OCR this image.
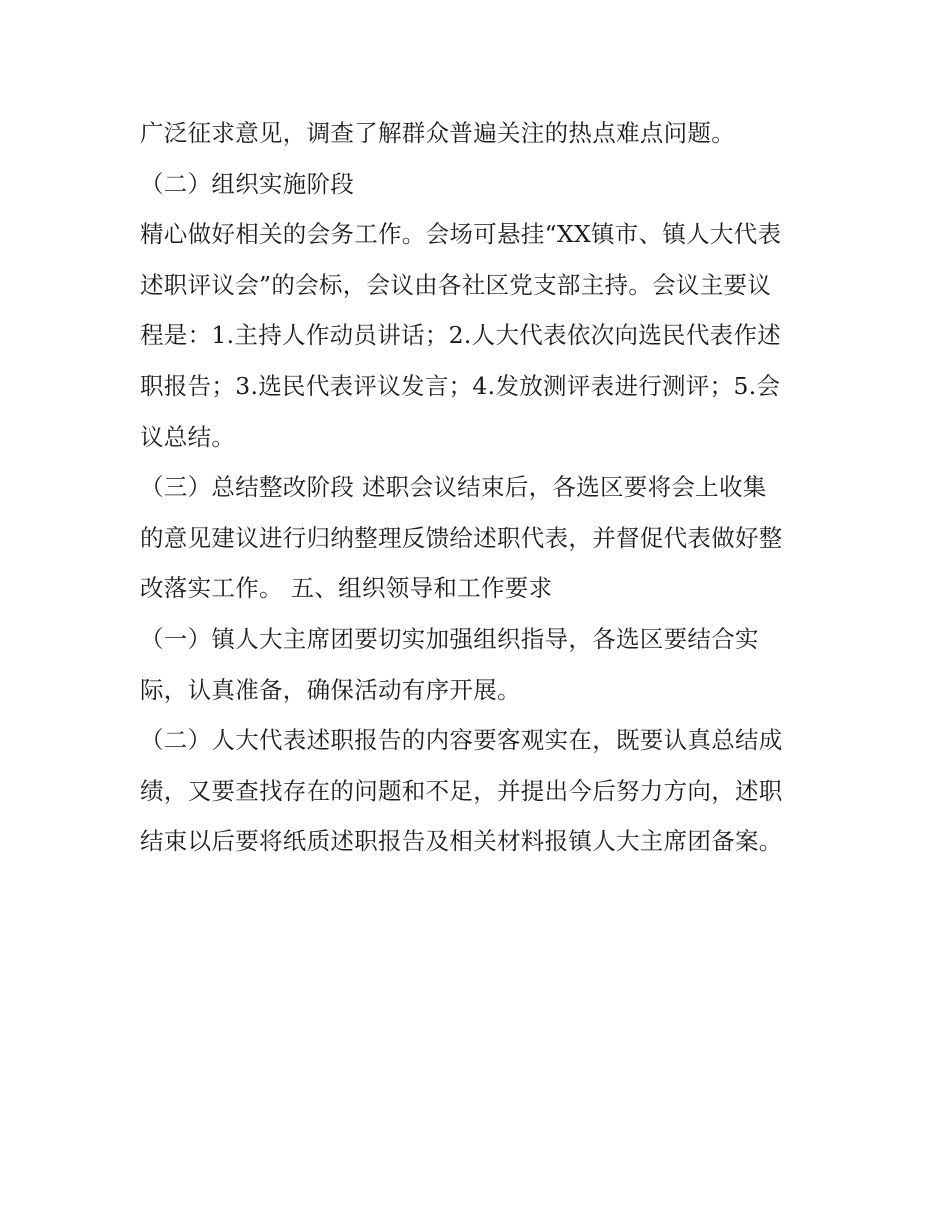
广泛征求意见，调查了解群众普遍关注的热点难点问题。
（二）组织实施阶段
精心做好相关的会务工作。会场可悬挂“XX镇市、镇人大代表
述职评议会”的会标，会议由各社区党支部主持。会议主要议
程是：1.主持人作动员讲话；2.人大代表依次向选民代表作述
职报告；3.选民代表评议发言；4.发放测评表进行测评；5.会
议总结。
（三）总结整改阶段 述职会议结束后，各选区要将会上收集
的意见建议进行归纳整理反馈给述职代表，并督促代表做好整
改落实工作。 五、组织领导和工作要求
（一）镇人大主席团要切实加强组织指导，各选区要结合实
际，认真准备，确保活动有序开展。
（二）人大代表述职报告的内容要客观实在，既要认真总结成
绩，又要查找存在的问题和不足，并提出今后努力方向，述职
结束以后要将纸质述职报告及相关材料报镇人大主席团备案。
